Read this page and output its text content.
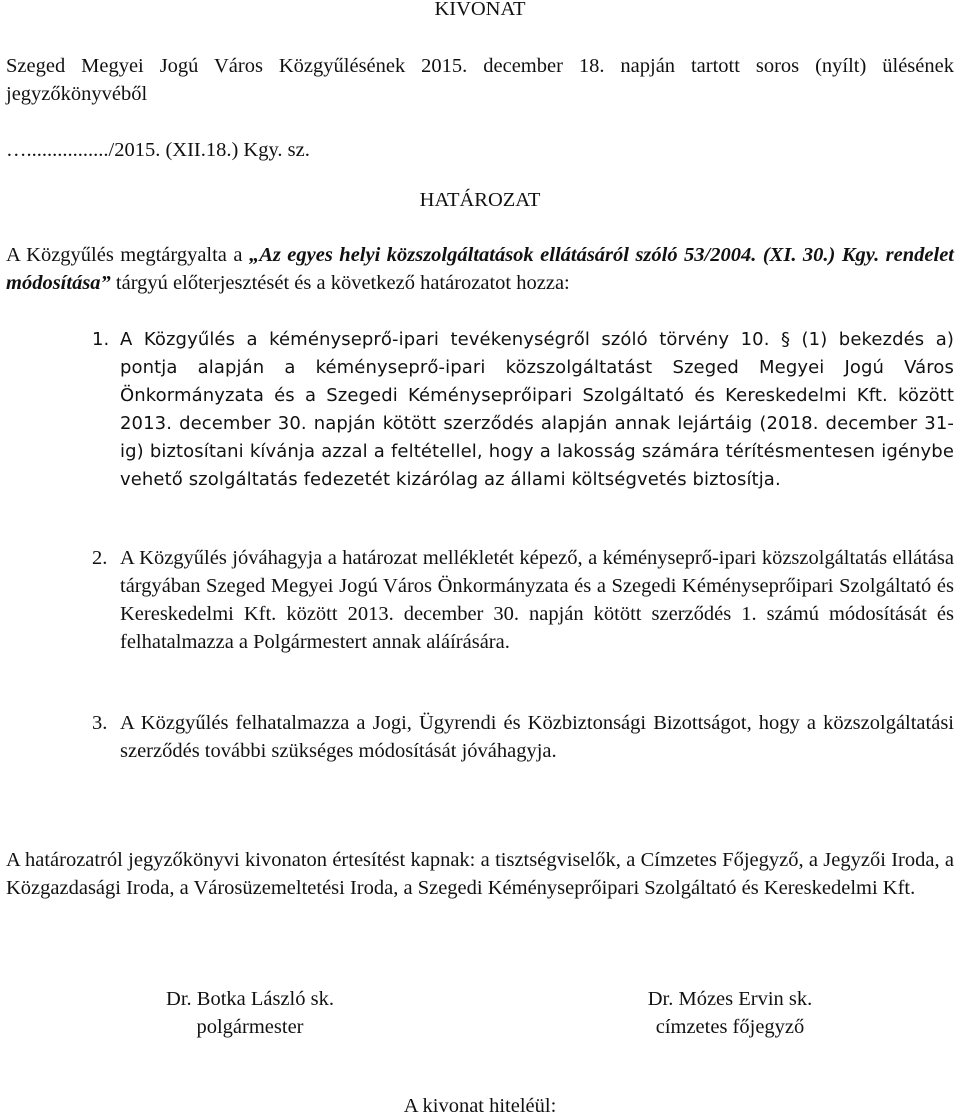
KIVONAT
Szeged Megyei Jogú Város Közgyűlésének 2015. december 18. napján tartott soros (nyílt) ülésének jegyzőkönyvéből
…................/2015. (XII.18.) Kgy. sz.
HATÁROZAT
A Közgyűlés megtárgyalta a „Az egyes helyi közszolgáltatások ellátásáról szóló 53/2004. (XI. 30.) Kgy. rendelet módosítása” tárgyú előterjesztését és a következő határozatot hozza:
1. A Közgyűlés a kéményseprő-ipari tevékenységről szóló törvény 10. § (1) bekezdés a) pontja alapján a kéményseprő-ipari közszolgáltatást Szeged Megyei Jogú Város Önkormányzata és a Szegedi Kéményseprőipari Szolgáltató és Kereskedelmi Kft. között 2013. december 30. napján kötött szerződés alapján annak lejártáig (2018. december 31-ig) biztosítani kívánja azzal a feltétellel, hogy a lakosság számára térítésmentesen igénybe vehető szolgáltatás fedezetét kizárólag az állami költségvetés biztosítja.
2. A Közgyűlés jóváhagyja a határozat mellékletét képező, a kéményseprő-ipari közszolgáltatás ellátása tárgyában Szeged Megyei Jogú Város Önkormányzata és a Szegedi Kéményseprőipari Szolgáltató és Kereskedelmi Kft. között 2013. december 30. napján kötött szerződés 1. számú módosítását és felhatalmazza a Polgármestert annak aláírására.
3. A Közgyűlés felhatalmazza a Jogi, Ügyrendi és Közbiztonsági Bizottságot, hogy a közszolgáltatási szerződés további szükséges módosítását jóváhagyja.
A határozatról jegyzőkönyvi kivonaton értesítést kapnak: a tisztségviselők, a Címzetes Főjegyző, a Jegyzői Iroda, a Közgazdasági Iroda, a Városüzemeltetési Iroda, a Szegedi Kéményseprőipari Szolgáltató és Kereskedelmi Kft.
Dr. Botka László sk.
polgármester
Dr. Mózes Ervin sk.
címzetes főjegyző
A kivonat hiteléül:
